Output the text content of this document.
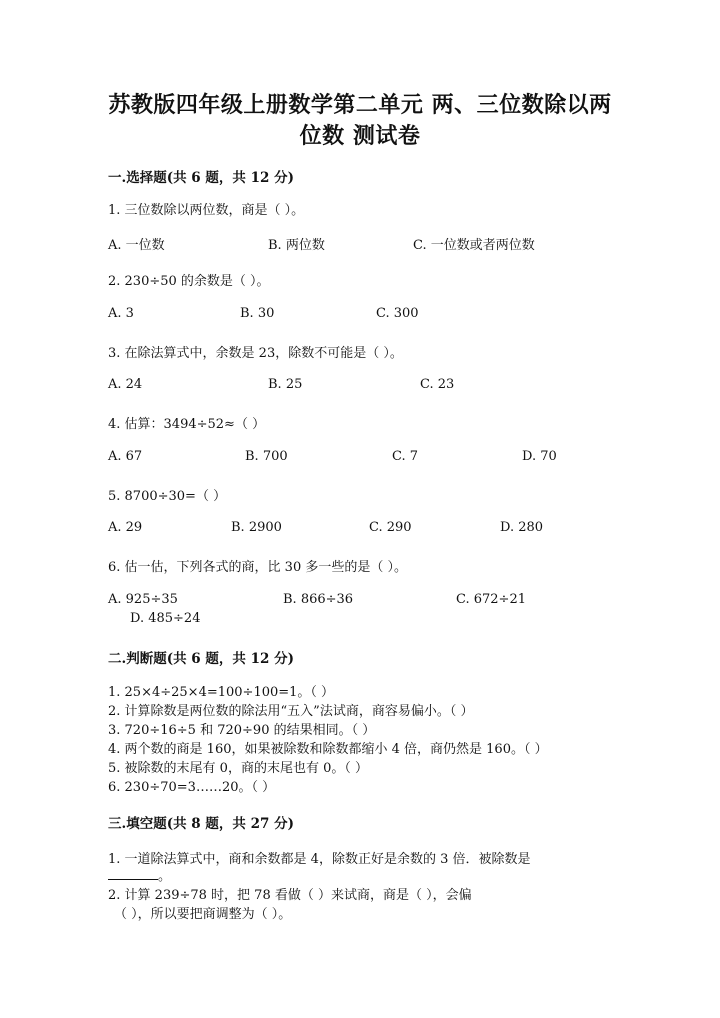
苏教版四年级上册数学第二单元 两、三位数除以两
位数 测试卷
一.选择题(共 6 题，共 12 分)
1. 三位数除以两位数，商是（ ）。
A. 一位数	B. 两位数	C. 一位数或者两位数
2. 230÷50 的余数是（ ）。
A. 3	B. 30	C. 300
3. 在除法算式中，余数是 23，除数不可能是（ ）。
A. 24	B. 25	C. 23
4. 估算：3494÷52≈（ ）
A. 67	B. 700	C. 7	D. 70
5. 8700÷30=（ ）
A. 29	B. 2900	C. 290	D. 280
6. 估一估，下列各式的商，比 30 多一些的是（ ）。
A. 925÷35	B. 866÷36	C. 672÷21
D. 485÷24
二.判断题(共 6 题，共 12 分)
1. 25×4÷25×4=100÷100=1。（ ）
2. 计算除数是两位数的除法用“五入”法试商，商容易偏小。（ ）
3. 720÷16÷5 和 720÷90 的结果相同。（ ）
4. 两个数的商是 160，如果被除数和除数都缩小 4 倍，商仍然是 160。（ ）
5. 被除数的末尾有 0，商的末尾也有 0。（ ）
6. 230÷70=3……20。（ ）
三.填空题(共 8 题，共 27 分)
1. 一道除法算式中，商和余数都是 4，除数正好是余数的 3 倍．被除数是
。
2. 计算 239÷78 时，把 78 看做（ ）来试商，商是（ ），会偏
（ ），所以要把商调整为（ ）。
